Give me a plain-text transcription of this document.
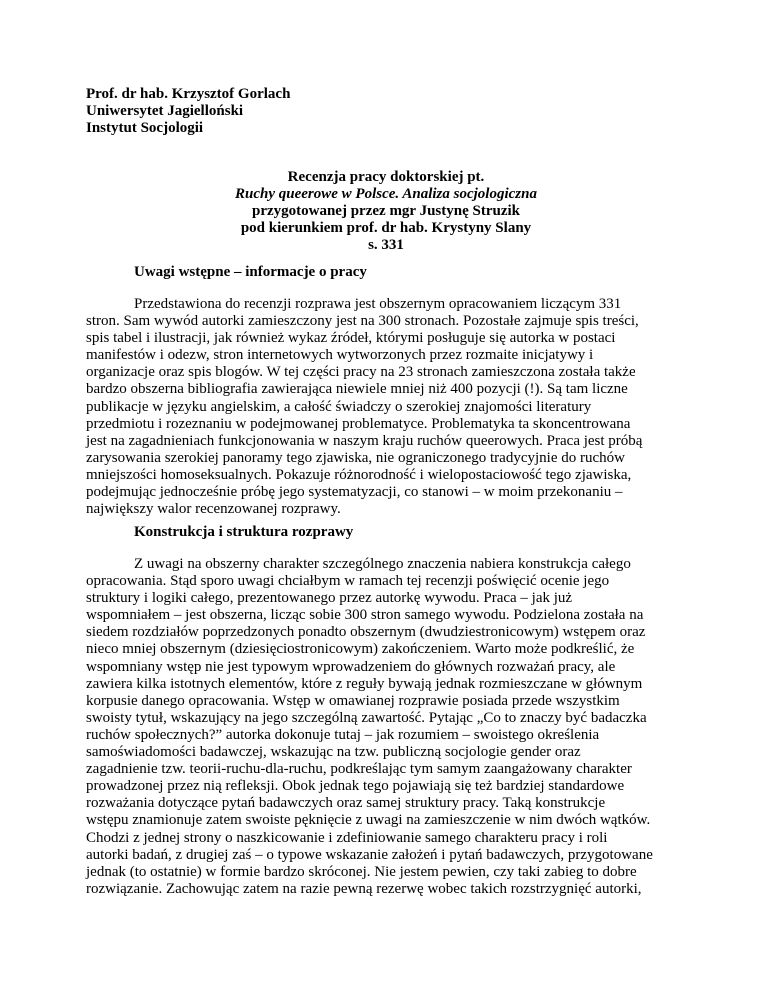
Prof. dr hab. Krzysztof Gorlach
Uniwersytet Jagielloński
Instytut Socjologii
Recenzja pracy doktorskiej pt.
Ruchy queerowe w Polsce. Analiza socjologiczna
przygotowanej przez mgr Justynę Struzik
pod kierunkiem prof. dr hab. Krystyny Slany
s. 331
Uwagi wstępne – informacje o pracy
Przedstawiona do recenzji rozprawa jest obszernym opracowaniem liczącym 331
stron. Sam wywód autorki zamieszczony jest na 300 stronach. Pozostałe zajmuje spis treści,
spis tabel i ilustracji, jak również wykaz źródeł, którymi posługuje się autorka w postaci
manifestów i odezw, stron internetowych wytworzonych przez rozmaite inicjatywy i
organizacje oraz spis blogów. W tej części pracy na 23 stronach zamieszczona została także
bardzo obszerna bibliografia zawierająca niewiele mniej niż 400 pozycji (!). Są tam liczne
publikacje w języku angielskim, a całość świadczy o szerokiej znajomości literatury
przedmiotu i rozeznaniu w podejmowanej problematyce. Problematyka ta skoncentrowana
jest na zagadnieniach funkcjonowania w naszym kraju ruchów queerowych. Praca jest próbą
zarysowania szerokiej panoramy tego zjawiska, nie ograniczonego tradycyjnie do ruchów
mniejszości homoseksualnych. Pokazuje różnorodność i wielopostaciowość tego zjawiska,
podejmując jednocześnie próbę jego systematyzacji, co stanowi – w moim przekonaniu –
największy walor recenzowanej rozprawy.
Konstrukcja i struktura rozprawy
Z uwagi na obszerny charakter szczególnego znaczenia nabiera konstrukcja całego
opracowania. Stąd sporo uwagi chciałbym w ramach tej recenzji poświęcić ocenie jego
struktury i logiki całego, prezentowanego przez autorkę wywodu. Praca – jak już
wspomniałem – jest obszerna, licząc sobie 300 stron samego wywodu. Podzielona została na
siedem rozdziałów poprzedzonych ponadto obszernym (dwudziestronicowym) wstępem oraz
nieco mniej obszernym (dziesięciostronicowym) zakończeniem. Warto może podkreślić, że
wspomniany wstęp nie jest typowym wprowadzeniem do głównych rozważań pracy, ale
zawiera kilka istotnych elementów, które z reguły bywają jednak rozmieszczane w głównym
korpusie danego opracowania. Wstęp w omawianej rozprawie posiada przede wszystkim
swoisty tytuł, wskazujący na jego szczególną zawartość. Pytając „Co to znaczy być badaczka
ruchów społecznych?” autorka dokonuje tutaj – jak rozumiem – swoistego określenia
samoświadomości badawczej, wskazując na tzw. publiczną socjologie gender oraz
zagadnienie tzw. teorii-ruchu-dla-ruchu, podkreślając tym samym zaangażowany charakter
prowadzonej przez nią refleksji. Obok jednak tego pojawiają się też bardziej standardowe
rozważania dotyczące pytań badawczych oraz samej struktury pracy. Taką konstrukcje
wstępu znamionuje zatem swoiste pęknięcie z uwagi na zamieszczenie w nim dwóch wątków.
Chodzi z jednej strony o naszkicowanie i zdefiniowanie samego charakteru pracy i roli
autorki badań, z drugiej zaś – o typowe wskazanie założeń i pytań badawczych, przygotowane
jednak (to ostatnie) w formie bardzo skróconej. Nie jestem pewien, czy taki zabieg to dobre
rozwiązanie. Zachowując zatem na razie pewną rezerwę wobec takich rozstrzygnięć autorki,
